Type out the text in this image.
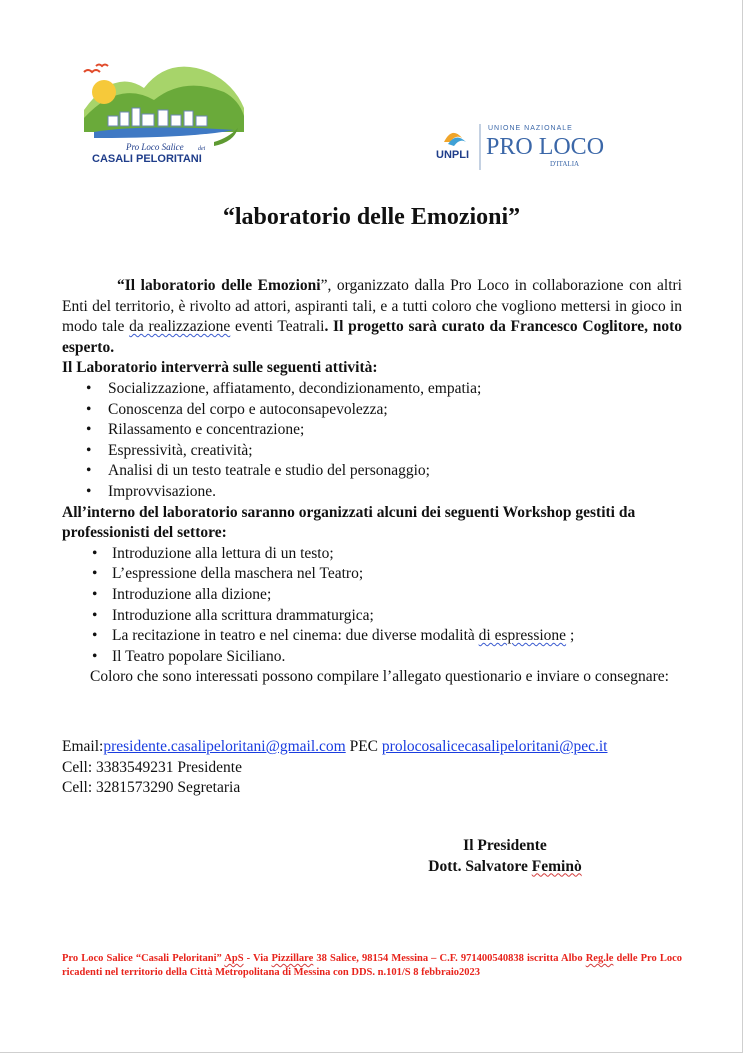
Pro Loco Salice dei
CASALI PELORITANI	UNPLI
UNIONE NAZIONALE
PRO LOCO
D'ITALIA
“laboratorio delle Emozioni”

“Il laboratorio delle Emozioni”, organizzato dalla Pro Loco in collaborazione con altri Enti del territorio, è rivolto ad attori, aspiranti tali, e a tutti coloro che vogliono mettersi in gioco in modo tale da realizzazione eventi Teatrali. Il progetto sarà curato da Francesco Coglitore, noto esperto.

Il Laboratorio interverrà sulle seguenti attività:

• Socializzazione, affiatamento, decondizionamento, empatia;
• Conoscenza del corpo e autoconsapevolezza;
• Rilassamento e concentrazione;
• Espressività, creatività;
• Analisi di un testo teatrale e studio del personaggio;
• Improvvisazione.

All’interno del laboratorio saranno organizzati alcuni dei seguenti Workshop gestiti da professionisti del settore:

• Introduzione alla lettura di un testo;
• L’espressione della maschera nel Teatro;
• Introduzione alla dizione;
• Introduzione alla scrittura drammaturgica;
• La recitazione in teatro e nel cinema: due diverse modalità di espressione ;
• Il Teatro popolare Siciliano.

Coloro che sono interessati possono compilare l’allegato questionario e inviare o consegnare:

Email:presidente.casalipeloritani@gmail.com PEC prolocosalicecasalipeloritani@pec.it

Cell: 3383549231 Presidente

Cell: 3281573290 Segretaria

Il Presidente

Dott. Salvatore Feminò

Pro Loco Salice “Casali Peloritani” ApS - Via Pizzillare 38 Salice, 98154 Messina – C.F. 971400540838 iscritta Albo Reg.le delle Pro Loco ricadenti nel territorio della Città Metropolitana di Messina con DDS. n.101/S 8 febbraio2023
